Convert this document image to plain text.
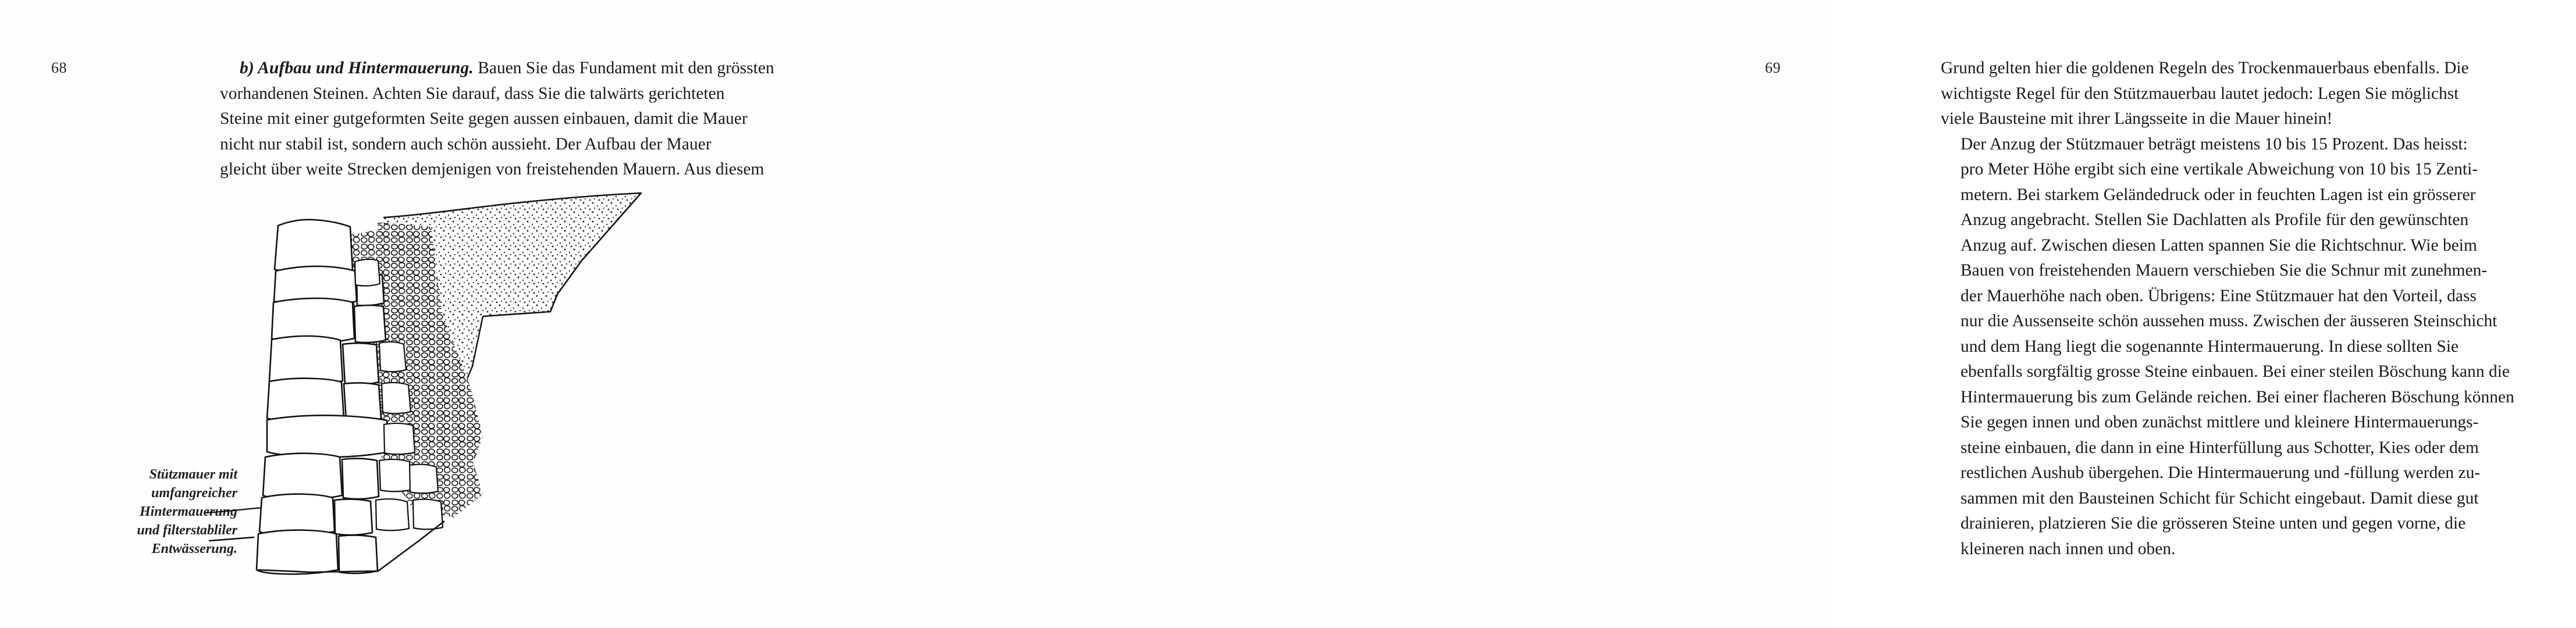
68	b) Aufbau und Hintermauerung. Bauen Sie das Fundament mit den grössten
vorhandenen Steinen. Achten Sie darauf, dass Sie die talwärts gerichteten
Steine mit einer gutgeformten Seite gegen aussen einbauen, damit die Mauer
nicht nur stabil ist, sondern auch schön aussieht. Der Aufbau der Mauer
gleicht über weite Strecken demjenigen von freistehenden Mauern. Aus diesem

Stützmauer mit
umfangreicher
Hintermauerung
und filterstabliler
Entwässerung.
69	Grund gelten hier die goldenen Regeln des Trockenmauerbaus ebenfalls. Die
wichtigste Regel für den Stützmauerbau lautet jedoch: Legen Sie möglichst
viele Bausteine mit ihrer Längsseite in die Mauer hinein!

Der Anzug der Stützmauer beträgt meistens 10 bis 15 Prozent. Das heisst:
pro Meter Höhe ergibt sich eine vertikale Abweichung von 10 bis 15 Zenti-
metern. Bei starkem Geländedruck oder in feuchten Lagen ist ein grösserer
Anzug angebracht. Stellen Sie Dachlatten als Profile für den gewünschten
Anzug auf. Zwischen diesen Latten spannen Sie die Richtschnur. Wie beim
Bauen von freistehenden Mauern verschieben Sie die Schnur mit zunehmen-
der Mauerhöhe nach oben. Übrigens: Eine Stützmauer hat den Vorteil, dass
nur die Aussenseite schön aussehen muss. Zwischen der äusseren Steinschicht
und dem Hang liegt die sogenannte Hintermauerung. In diese sollten Sie
ebenfalls sorgfältig grosse Steine einbauen. Bei einer steilen Böschung kann die
Hintermauerung bis zum Gelände reichen. Bei einer flacheren Böschung können
Sie gegen innen und oben zunächst mittlere und kleinere Hintermauerungs-
steine einbauen, die dann in eine Hinterfüllung aus Schotter, Kies oder dem
restlichen Aushub übergehen. Die Hintermauerung und -füllung werden zu-
sammen mit den Bausteinen Schicht für Schicht eingebaut. Damit diese gut
drainieren, platzieren Sie die grösseren Steine unten und gegen vorne, die
kleineren nach innen und oben.
